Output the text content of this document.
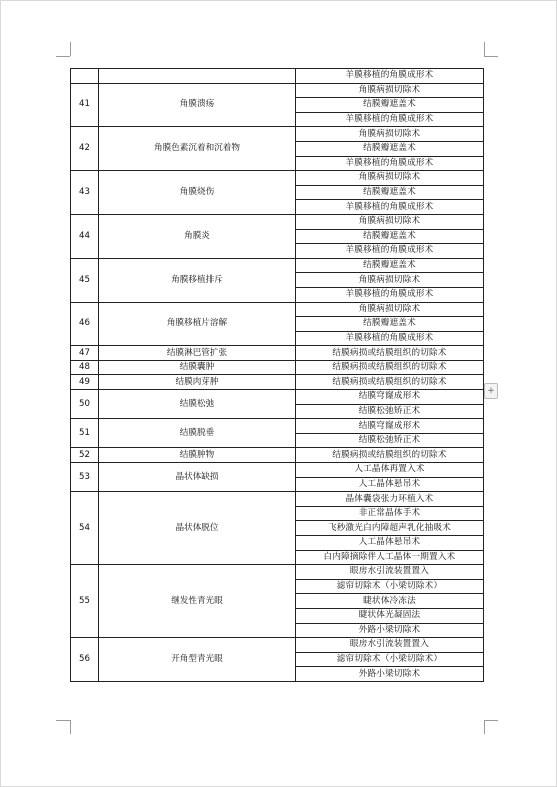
+
		羊膜移植的角膜成形术
41	角膜溃疡	角膜病损切除术
		结膜瓣遮盖术
		羊膜移植的角膜成形术
42	角膜色素沉着和沉着物	角膜病损切除术
		结膜瓣遮盖术
		羊膜移植的角膜成形术
43	角膜烧伤	角膜病损切除术
		结膜瓣遮盖术
		羊膜移植的角膜成形术
44	角膜炎	角膜病损切除术
		结膜瓣遮盖术
		羊膜移植的角膜成形术
45	角膜移植排斥	结膜瓣遮盖术
		角膜病损切除术
		羊膜移植的角膜成形术
46	角膜移植片溶解	角膜病损切除术
		结膜瓣遮盖术
		羊膜移植的角膜成形术
47	结膜淋巴管扩张	结膜病损或结膜组织的切除术
48	结膜囊肿	结膜病损或结膜组织的切除术
49	结膜肉芽肿	结膜病损或结膜组织的切除术
50	结膜松弛	结膜穹窿成形术
		结膜松弛矫正术
51	结膜脱垂	结膜穹窿成形术
		结膜松弛矫正术
52	结膜肿物	结膜病损或结膜组织的切除术
53	晶状体缺损	人工晶体再置入术
		人工晶体悬吊术
54	晶状体脱位	晶体囊袋张力环植入术
		非正常晶体手术
		飞秒激光白内障超声乳化抽吸术
		人工晶体悬吊术
		白内障摘除伴人工晶体一期置入术
55	继发性青光眼	眼房水引流装置置入
		滤帘切除术（小梁切除术）
		睫状体冷冻法
		睫状体光凝固法
		外路小梁切除术
56	开角型青光眼	眼房水引流装置置入
		滤帘切除术（小梁切除术）
		外路小梁切除术
